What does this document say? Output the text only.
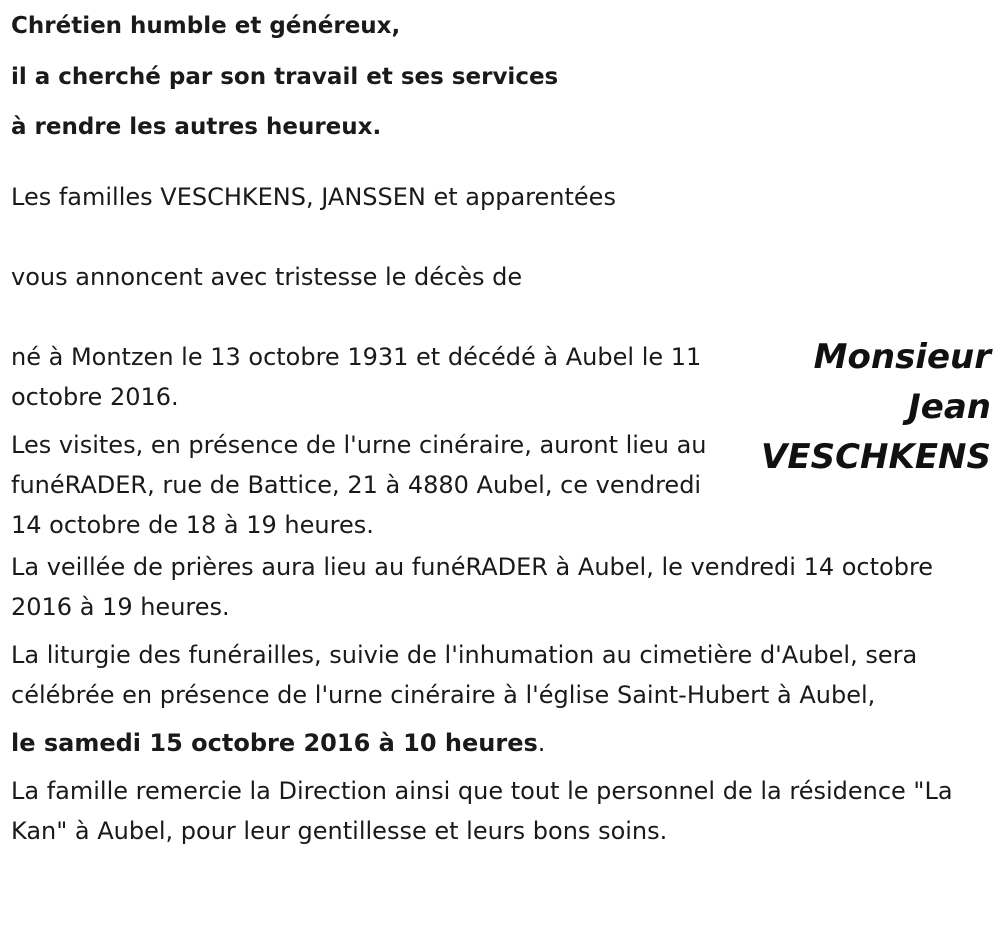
Chrétien humble et généreux,
il a cherché par son travail et ses services
à rendre les autres heureux.

Les familles VESCHKENS, JANSSEN et apparentées

vous annoncent avec tristesse le décès de

né à Montzen le 13 octobre 1931 et décédé à Aubel le 11 octobre 2016.

Les visites, en présence de l'urne cinéraire, auront lieu au funéRADER, rue de Battice, 21 à 4880 Aubel, ce vendredi 14 octobre de 18 à 19 heures.

Monsieur
Jean
VESCHKENS

La veillée de prières aura lieu au funéRADER à Aubel, le vendredi 14 octobre 2016 à 19 heures.

La liturgie des funérailles, suivie de l'inhumation au cimetière d'Aubel, sera célébrée en présence de l'urne cinéraire à l'église Saint-Hubert à Aubel,

le samedi 15 octobre 2016 à 10 heures.

La famille remercie la Direction ainsi que tout le personnel de la résidence "La Kan" à Aubel, pour leur gentillesse et leurs bons soins.
